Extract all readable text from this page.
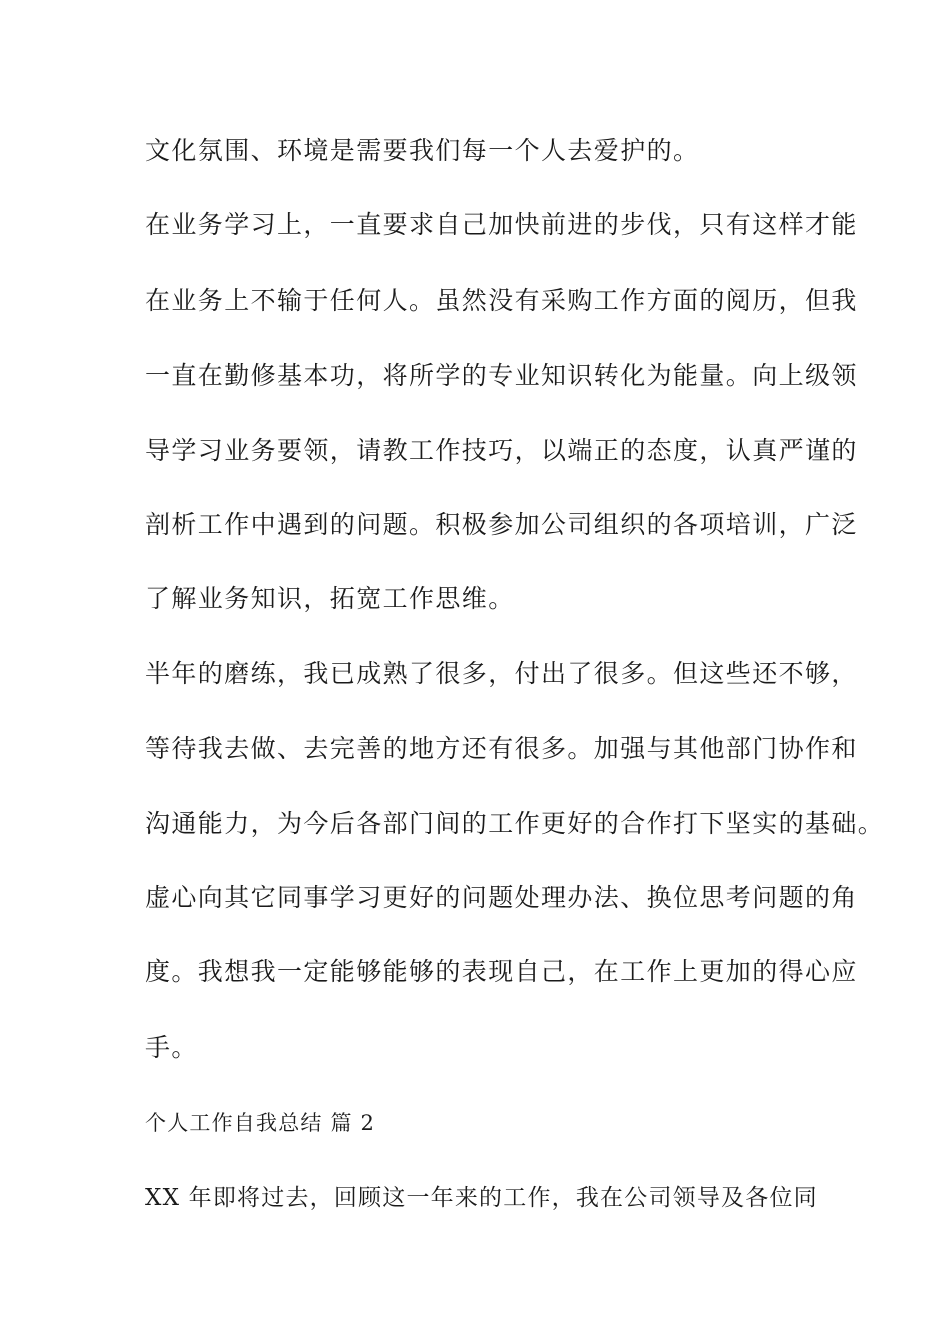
文化氛围、环境是需要我们每一个人去爱护的。
在业务学习上，一直要求自己加快前进的步伐，只有这样才能
在业务上不输于任何人。虽然没有采购工作方面的阅历，但我
一直在勤修基本功，将所学的专业知识转化为能量。向上级领
导学习业务要领，请教工作技巧，以端正的态度，认真严谨的
剖析工作中遇到的问题。积极参加公司组织的各项培训，广泛
了解业务知识，拓宽工作思维。
半年的磨练，我已成熟了很多，付出了很多。但这些还不够，
等待我去做、去完善的地方还有很多。加强与其他部门协作和
沟通能力，为今后各部门间的工作更好的合作打下坚实的基础。
虚心向其它同事学习更好的问题处理办法、换位思考问题的角
度。我想我一定能够能够的表现自己，在工作上更加的得心应
手。
个人工作自我总结 篇 2
XX 年即将过去，回顾这一年来的工作，我在公司领导及各位同
